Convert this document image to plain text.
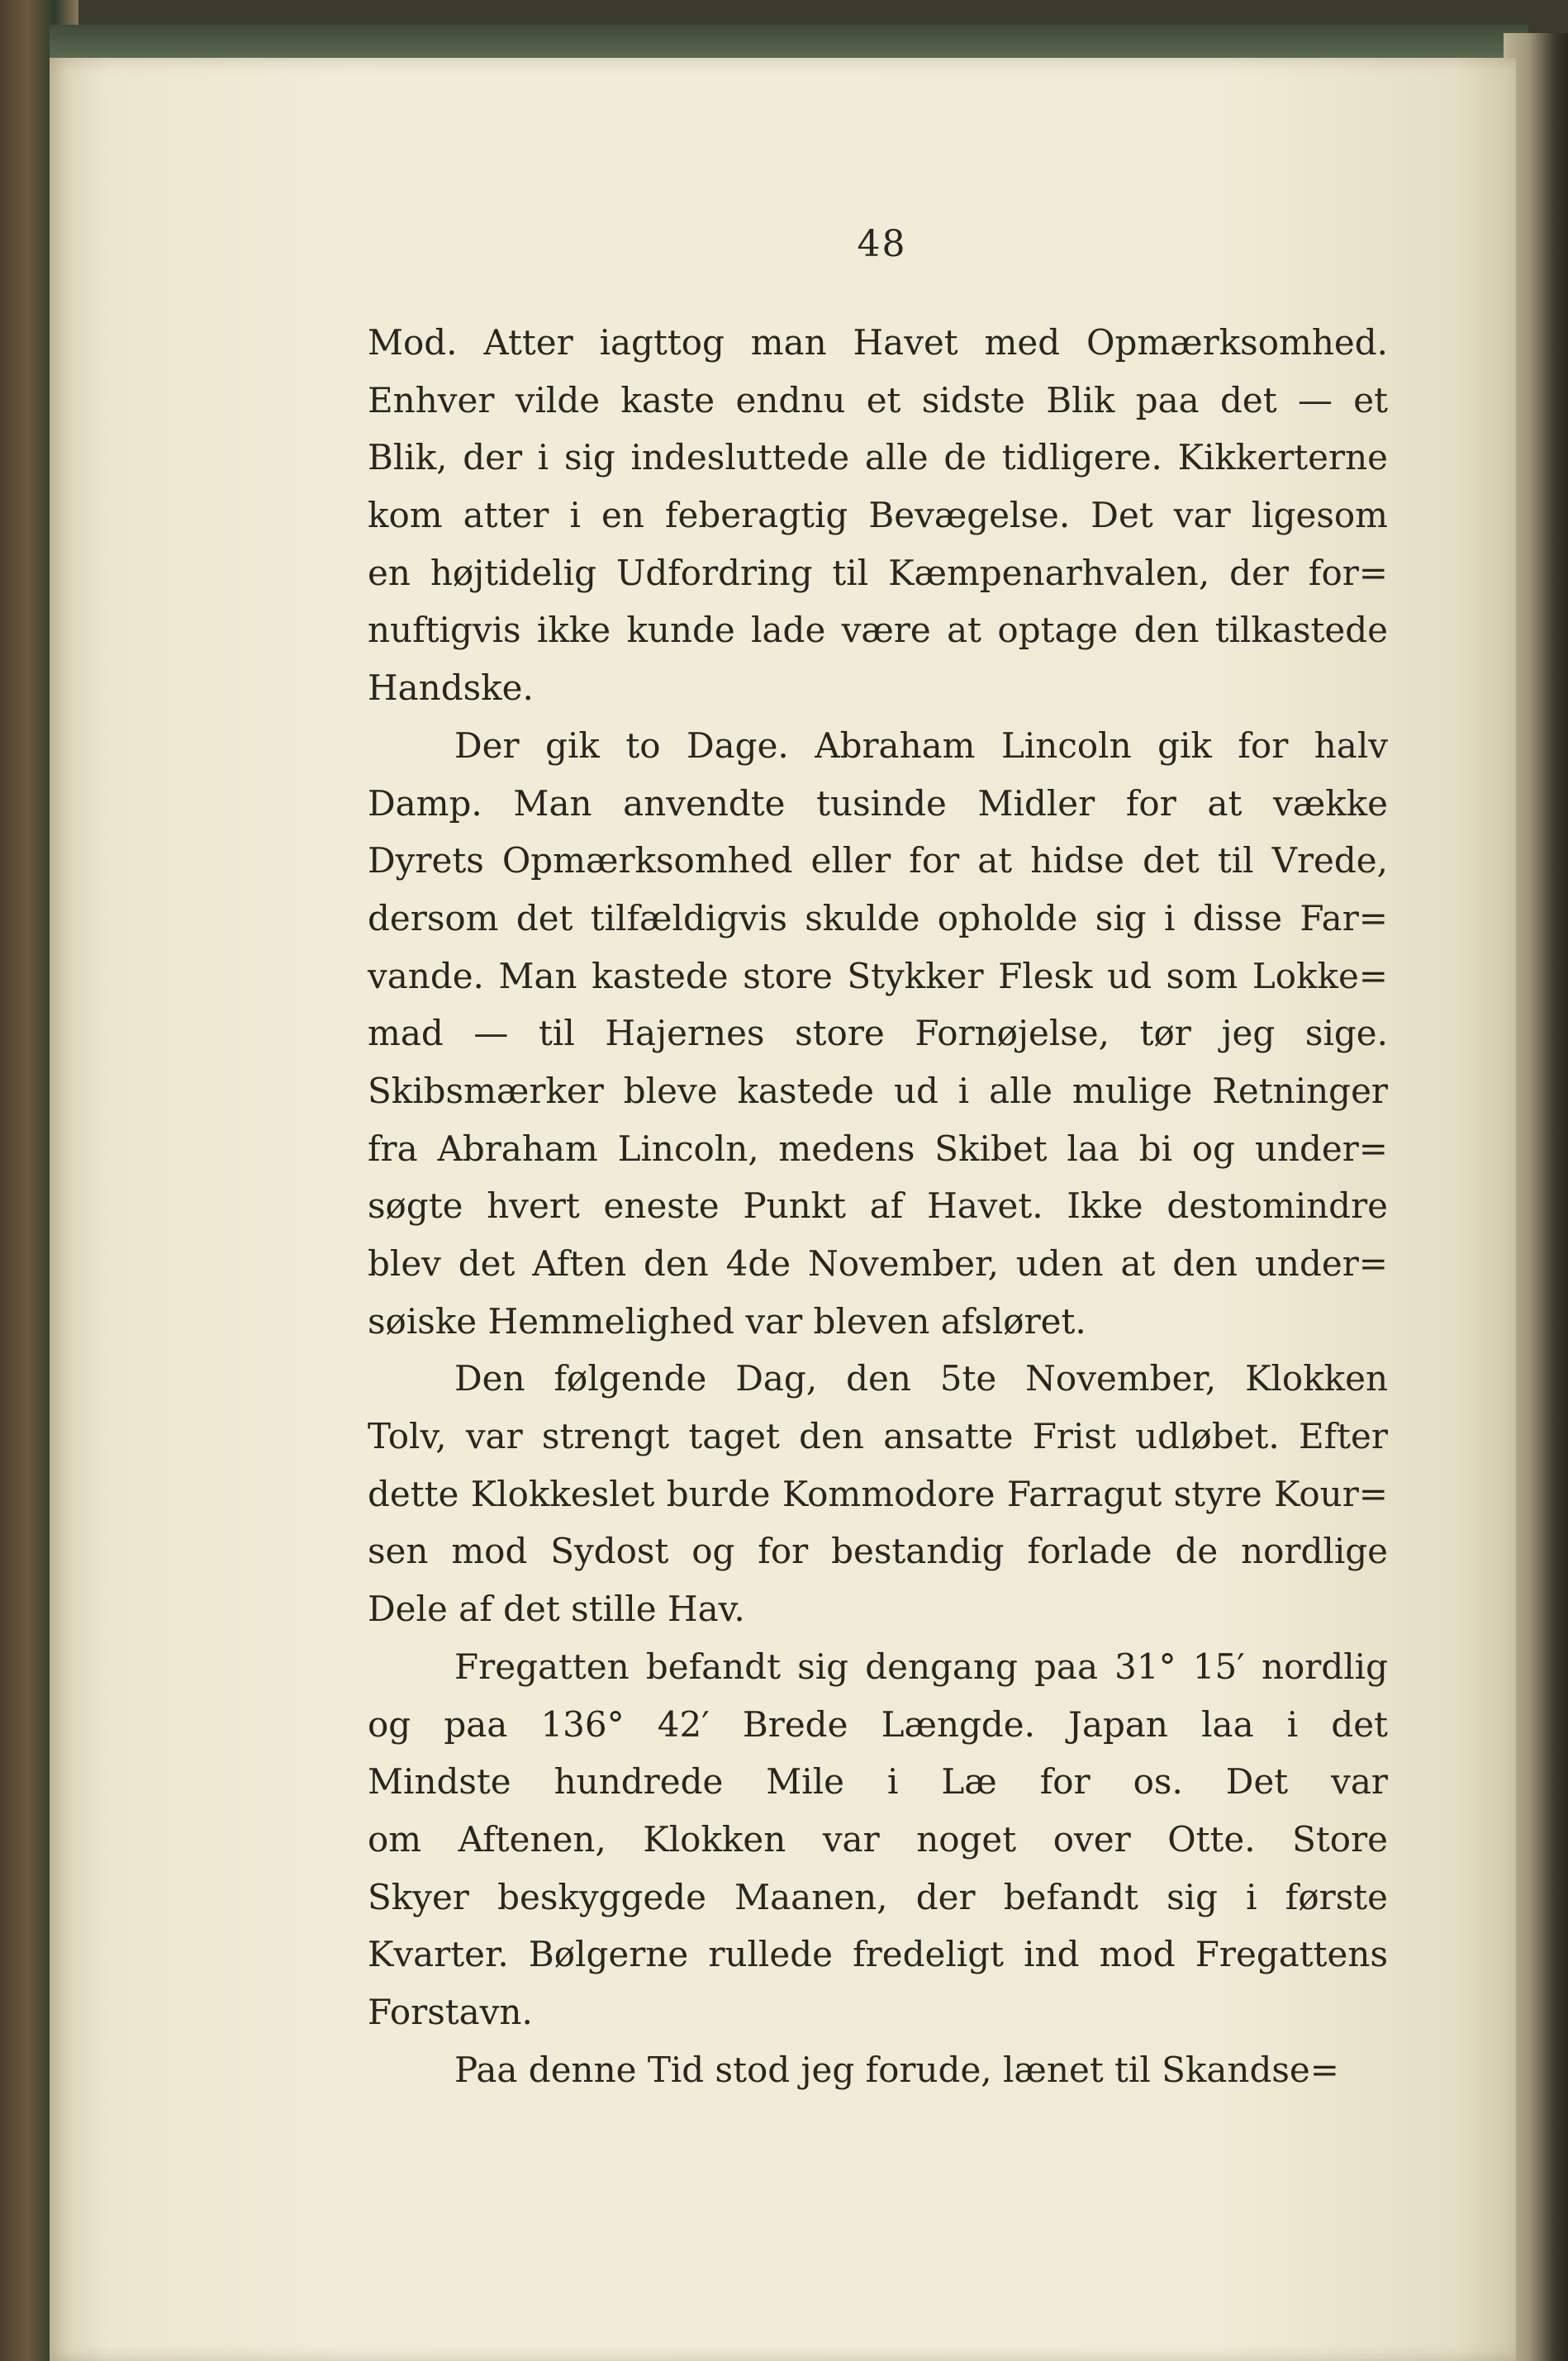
48
Mod. Atter iagttog man Havet med Opmærksomhed.
Enhver vilde kaste endnu et sidste Blik paa det — et
Blik, der i sig indesluttede alle de tidligere. Kikkerterne
kom atter i en feberagtig Bevægelse. Det var ligesom
en højtidelig Udfordring til Kæmpenarhvalen, der for=
nuftigvis ikke kunde lade være at optage den tilkastede
Handske.
Der gik to Dage. Abraham Lincoln gik for halv
Damp. Man anvendte tusinde Midler for at vække
Dyrets Opmærksomhed eller for at hidse det til Vrede,
dersom det tilfældigvis skulde opholde sig i disse Far=
vande. Man kastede store Stykker Flesk ud som Lokke=
mad — til Hajernes store Fornøjelse, tør jeg sige.
Skibsmærker bleve kastede ud i alle mulige Retninger
fra Abraham Lincoln, medens Skibet laa bi og under=
søgte hvert eneste Punkt af Havet. Ikke destomindre
blev det Aften den 4de November, uden at den under=
søiske Hemmelighed var bleven afsløret.
Den følgende Dag, den 5te November, Klokken
Tolv, var strengt taget den ansatte Frist udløbet. Efter
dette Klokkeslet burde Kommodore Farragut styre Kour=
sen mod Sydost og for bestandig forlade de nordlige
Dele af det stille Hav.
Fregatten befandt sig dengang paa 31° 15′ nordlig
og paa 136° 42′ Brede Længde. Japan laa i det
Mindste hundrede Mile i Læ for os. Det var
om Aftenen, Klokken var noget over Otte. Store
Skyer beskyggede Maanen, der befandt sig i første
Kvarter. Bølgerne rullede fredeligt ind mod Fregattens
Forstavn.
Paa denne Tid stod jeg forude, lænet til Skandse=
